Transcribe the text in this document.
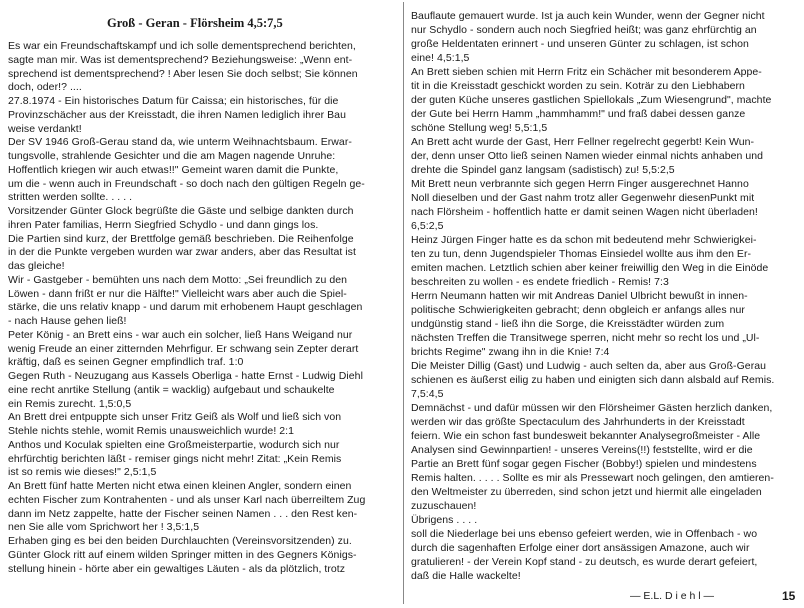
Groß - Geran - Flörsheim 4,5:7,5
Es war ein Freundschaftskampf und ich solle dementsprechend berichten,
sagte man mir. Was ist dementsprechend? Beziehungsweise: „Wenn ent-
sprechend ist dementsprechend? ! Aber lesen Sie doch selbst; Sie können
doch, oder!? ....
27.8.1974 - Ein historisches Datum für Caissa; ein historisches, für die
Provinzschächer aus der Kreisstadt, die ihren Namen lediglich ihrer Bau
weise verdankt!
Der SV 1946 Groß-Gerau stand da, wie unterm Weihnachtsbaum. Erwar-
tungsvolle, strahlende Gesichter und die am Magen nagende Unruhe:
Hoffentlich kriegen wir auch etwas!!" Gemeint waren damit die Punkte,
um die - wenn auch in Freundschaft - so doch nach den gültigen Regeln ge-
stritten werden sollte. . . . .
Vorsitzender Günter Glock begrüßte die Gäste und selbige dankten durch
ihren Pater familias, Herrn Siegfried Schydlo - und dann gings los.
Die Partien sind kurz, der Brettfolge gemäß beschrieben. Die Reihenfolge
in der die Punkte vergeben wurden war zwar anders, aber das Resultat ist
das gleiche!
Wir - Gastgeber - bemühten uns nach dem Motto: „Sei freundlich zu den
Löwen - dann frißt er nur die Hälfte!" Vielleicht wars aber auch die Spiel-
stärke, die uns relativ knapp - und darum mit erhobenem Haupt geschlagen
- nach Hause gehen ließ!
Peter König - an Brett eins - war auch ein solcher, ließ Hans Weigand nur
wenig Freude an einer zitternden Mehrfigur. Er schwang sein Zepter derart
kräftig, daß es seinen Gegner empfindlich traf. 1:0
Gegen Ruth - Neuzugang aus Kassels Oberliga - hatte Ernst - Ludwig Diehl
eine recht anrtike Stellung (antik = wacklig) aufgebaut und schaukelte
ein Remis zurecht. 1,5:0,5
An Brett drei entpuppte sich unser Fritz Geiß als Wolf und ließ sich von
Stehle nichts stehle, womit Remis unausweichlich wurde! 2:1
Anthos und Koculak spielten eine Großmeisterpartie, wodurch sich nur
ehrfürchtig berichten läßt - remiser gings nicht mehr! Zitat: „Kein Remis
ist so remis wie dieses!" 2,5:1,5
An Brett fünf hatte Merten nicht etwa einen kleinen Angler, sondern einen
echten Fischer zum Kontrahenten - und als unser Karl nach überreiltem Zug
dann im Netz zappelte, hatte der Fischer seinen Namen . . . den Rest ken-
nen Sie alle vom Sprichwort her ! 3,5:1,5
Erhaben ging es bei den beiden Durchlauchten (Vereinsvorsitzenden) zu.
Günter Glock ritt auf einem wilden Springer mitten in des Gegners Königs-
stellung hinein - hörte aber ein gewaltiges Läuten - als da plötzlich, trotz
Bauflaute gemauert wurde. Ist ja auch kein Wunder, wenn der Gegner nicht
nur Schydlo - sondern auch noch Siegfried heißt; was ganz ehrfürchtig an
große Heldentaten erinnert - und unseren Günter zu schlagen, ist schon
eine! 4,5:1,5
An Brett sieben schien mit Herrn Fritz ein Schächer mit besonderem Appe-
tit in die Kreisstadt geschickt worden zu sein. Koträr zu den Liebhabern
der guten Küche unseres gastlichen Spiellokals „Zum Wiesengrund", machte
der Gute bei Herrn Hamm „hammhamm!" und fraß dabei dessen ganze
schöne Stellung weg! 5,5:1,5
An Brett acht wurde der Gast, Herr Fellner regelrecht gegerbt! Kein Wun-
der, denn unser Otto ließ seinen Namen wieder einmal nichts anhaben und
drehte die Spindel ganz langsam (sadistisch) zu! 5,5:2,5
Mit Brett neun verbrannte sich gegen Herrn Finger ausgerechnet Hanno
Noll dieselben und der Gast nahm trotz aller Gegenwehr diesenPunkt mit
nach Flörsheim - hoffentlich hatte er damit seinen Wagen nicht überladen!
6,5:2,5
Heinz Jürgen Finger hatte es da schon mit bedeutend mehr Schwierigkei-
ten zu tun, denn Jugendspieler Thomas Einsiedel wollte aus ihm den Er-
emiten machen. Letztlich schien aber keiner freiwillig den Weg in die Einöde
beschreiten zu wollen - es endete friedlich - Remis! 7:3
Herrn Neumann hatten wir mit Andreas Daniel Ulbricht bewußt in innen-
politische Schwierigkeiten gebracht; denn obgleich er anfangs alles nur
undgünstig stand - ließ ihn die Sorge, die Kreisstädter würden zum
nächsten Treffen die Transitwege sperren, nicht mehr so recht los und „Ul-
brichts Regime" zwang ihn in die Knie! 7:4
Die Meister Dillig (Gast) und Ludwig - auch selten da, aber aus Groß-Gerau
schienen es äußerst eilig zu haben und einigten sich dann alsbald auf Remis.
7,5:4,5
Demnächst - und dafür müssen wir den Flörsheimer Gästen herzlich danken,
werden wir das größte Spectaculum des Jahrhunderts in der Kreisstadt
feiern. Wie ein schon fast bundesweit bekannter Analysegroßmeister - Alle
Analysen sind Gewinnpartien! - unseres Vereins(!!) feststellte, wird er die
Partie an Brett fünf sogar gegen Fischer (Bobby!) spielen und mindestens
Remis halten. . . . . Sollte es mir als Pressewart noch gelingen, den amtieren-
den Weltmeister zu überreden, sind schon jetzt und hiermit alle eingeladen
zuzuschauen!
Übrigens . . . .
soll die Niederlage bei uns ebenso gefeiert werden, wie in Offenbach - wo
durch die sagenhaften Erfolge einer dort ansässigen Amazone, auch wir
gratulieren! - der Verein Kopf stand - zu deutsch, es wurde derart gefeiert,
daß die Halle wackelte!
— E.L. D i e h l —	15
